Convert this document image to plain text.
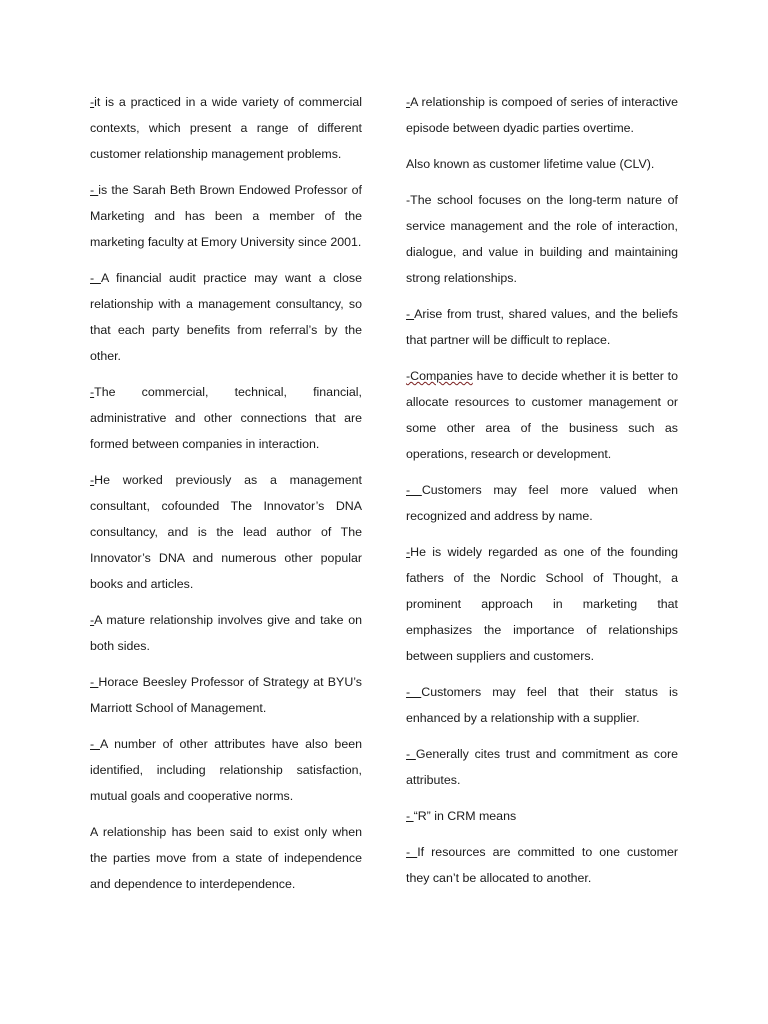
-it is a practiced in a wide variety of commercial contexts, which present a range of different customer relationship management problems.

- is the Sarah Beth Brown Endowed Professor of Marketing and has been a member of the marketing faculty at Emory University since 2001.

- A financial audit practice may want a close relationship with a management consultancy, so that each party benefits from referral’s by the other.

-The commercial, technical, financial, administrative and other connections that are formed between companies in interaction.

-He worked previously as a management consultant, cofounded The Innovator’s DNA consultancy, and is the lead author of The Innovator’s DNA and numerous other popular books and articles.

-A mature relationship involves give and take on both sides.

- Horace Beesley Professor of Strategy at BYU’s Marriott School of Management.

- A number of other attributes have also been identified, including relationship satisfaction, mutual goals and cooperative norms.

A relationship has been said to exist only when the parties move from a state of independence and dependence to interdependence.

-A relationship is compoed of series of interactive episode between dyadic parties overtime.

Also known as customer lifetime value (CLV).

-The school focuses on the long-term nature of service management and the role of interaction, dialogue, and value in building and maintaining strong relationships.

- Arise from trust, shared values, and the beliefs that partner will be difficult to replace.

-Companies have to decide whether it is better to allocate resources to customer management or some other area of the business such as operations, research or development.

- Customers may feel more valued when recognized and address by name.

-He is widely regarded as one of the founding fathers of the Nordic School of Thought, a prominent approach in marketing that emphasizes the importance of relationships between suppliers and customers.

- Customers may feel that their status is enhanced by a relationship with a supplier.

- Generally cites trust and commitment as core attributes.

- “R” in CRM means

- If resources are committed to one customer they can’t be allocated to another.
